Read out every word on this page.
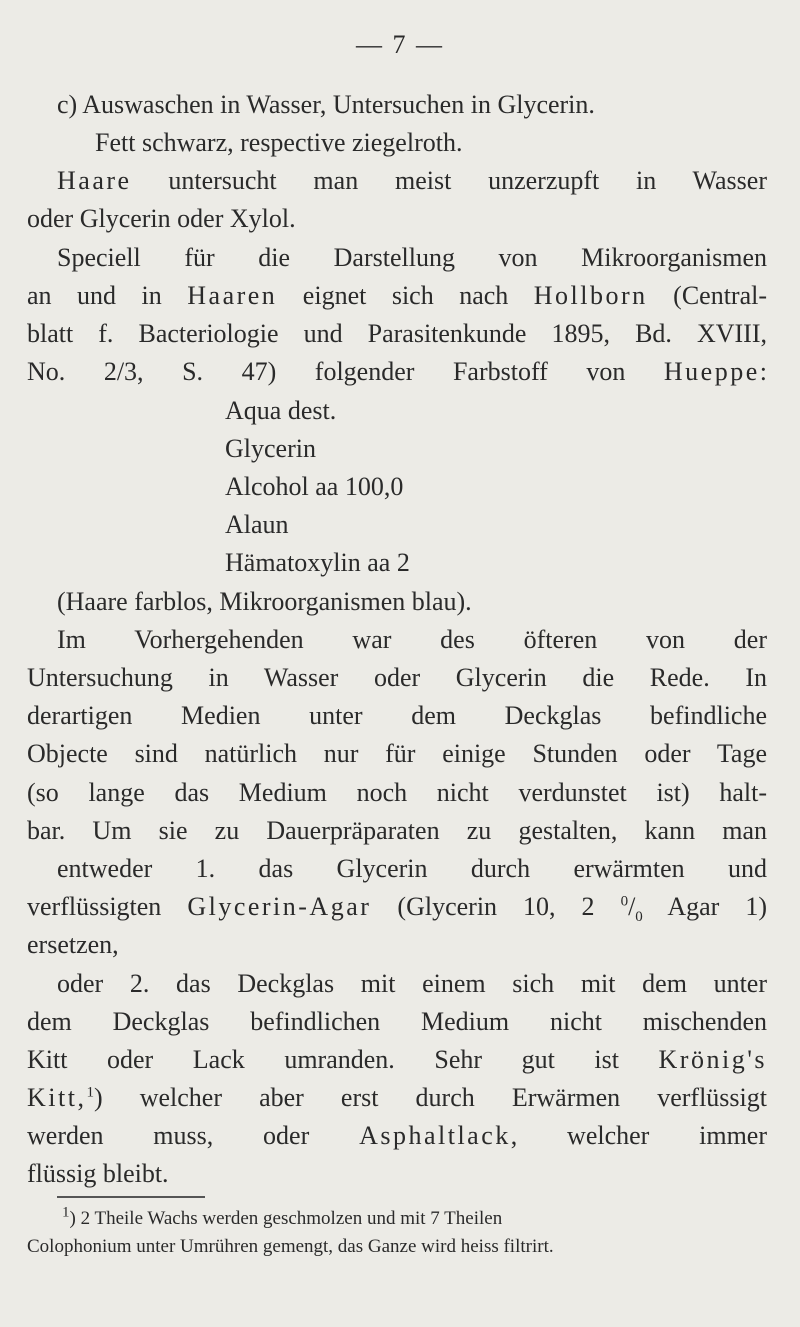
— 7 —
c) Auswaschen in Wasser, Untersuchen in Glycerin.
Fett schwarz, respective ziegelroth.
Haare untersucht man meist unzerzupft in Wasser
oder Glycerin oder Xylol.
Speciell für die Darstellung von Mikroorganismen
an und in Haaren eignet sich nach Hollborn (Central-
blatt f. Bacteriologie und Parasitenkunde 1895, Bd. XVIII,
No. 2/3, S. 47) folgender Farbstoff von Hueppe:
Aqua dest.
Glycerin
Alcohol aa 100,0
Alaun
Hämatoxylin aa 2
(Haare farblos, Mikroorganismen blau).
Im Vorhergehenden war des öfteren von der
Untersuchung in Wasser oder Glycerin die Rede. In
derartigen Medien unter dem Deckglas befindliche
Objecte sind natürlich nur für einige Stunden oder Tage
(so lange das Medium noch nicht verdunstet ist) halt-
bar. Um sie zu Dauerpräparaten zu gestalten, kann man
entweder 1. das Glycerin durch erwärmten und
verflüssigten Glycerin-Agar (Glycerin 10, 2 $^0/_0$ Agar 1)
ersetzen,
oder 2. das Deckglas mit einem sich mit dem unter
dem Deckglas befindlichen Medium nicht mischenden
Kitt oder Lack umranden. Sehr gut ist Krönig's
Kitt,$^1$) welcher aber erst durch Erwärmen verflüssigt
werden muss, oder Asphaltlack, welcher immer
flüssig bleibt.
$^1$) 2 Theile Wachs werden geschmolzen und mit 7 Theilen
Colophonium unter Umrühren gemengt, das Ganze wird heiss filtrirt.
